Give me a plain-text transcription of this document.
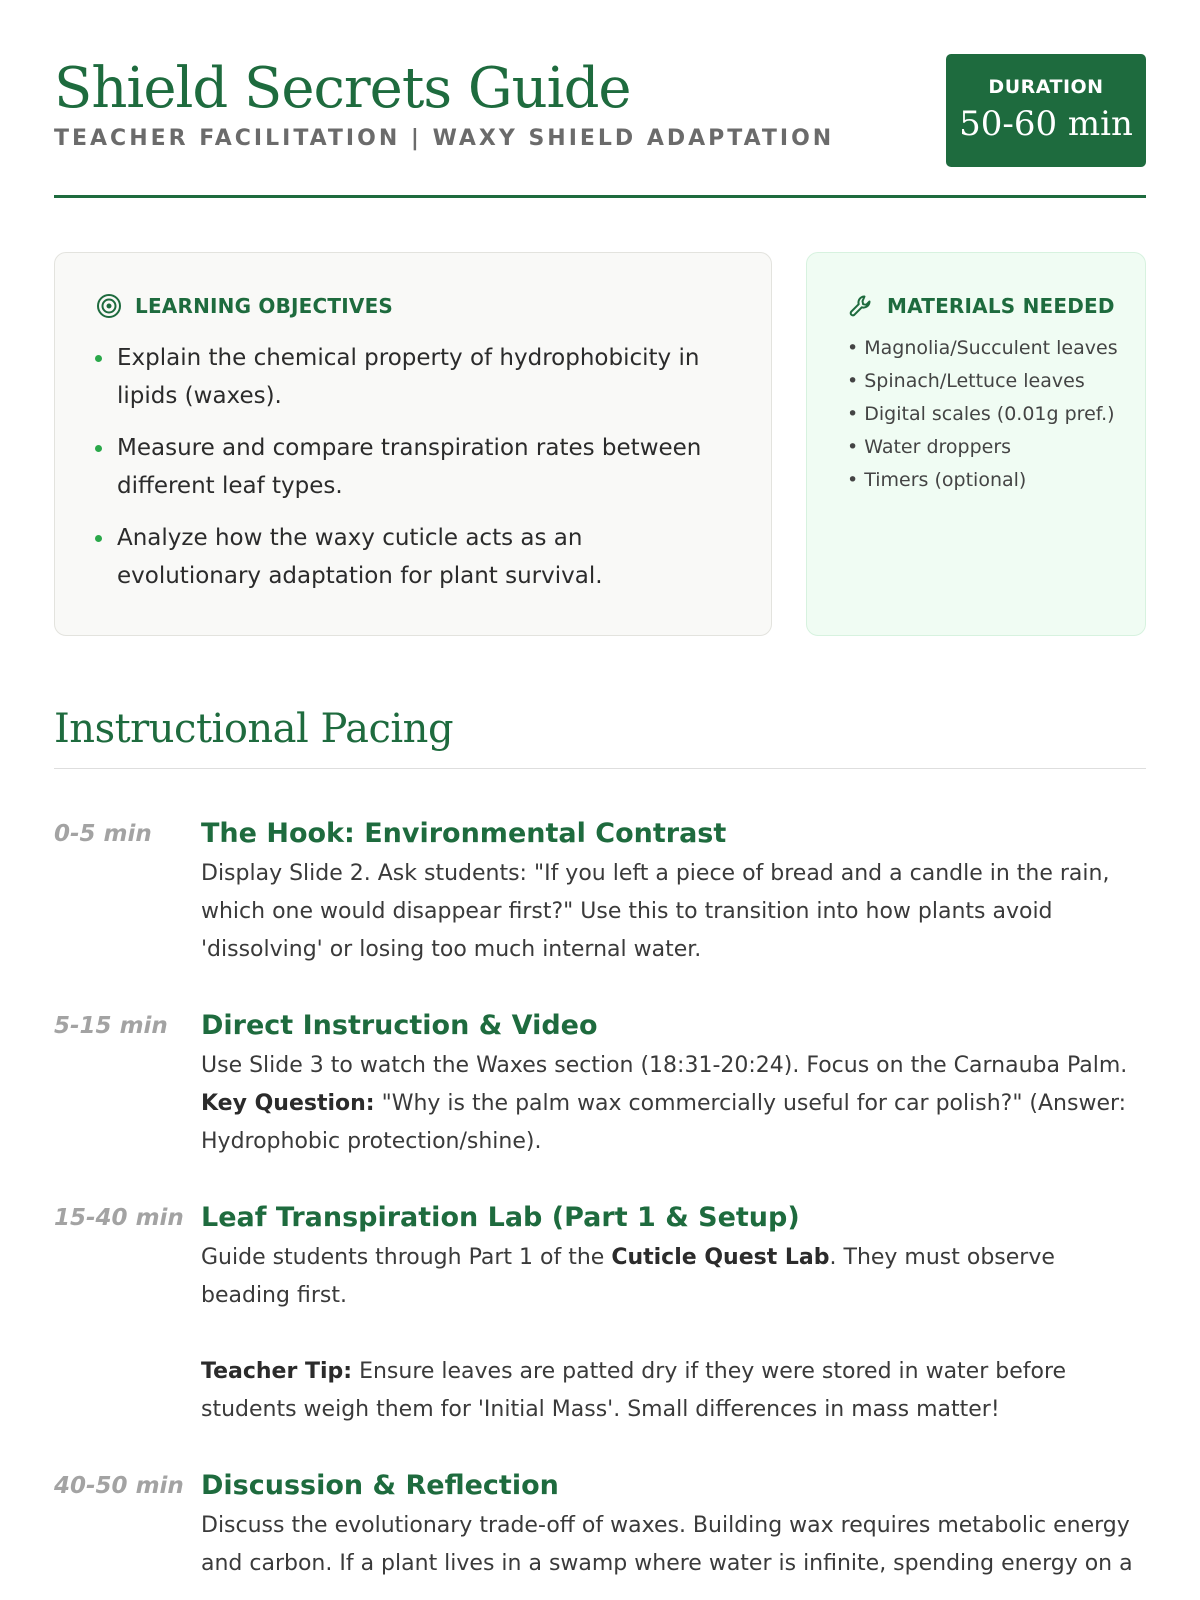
Shield Secrets Guide
TEACHER FACILITATION | WAXY SHIELD ADAPTATION
DURATION
50-60 min
LEARNING OBJECTIVES
Explain the chemical property of hydrophobicity in lipids (waxes).
Measure and compare transpiration rates between different leaf types.
Analyze how the waxy cuticle acts as an evolutionary adaptation for plant survival.
MATERIALS NEEDED
• Magnolia/Succulent leaves
• Spinach/Lettuce leaves
• Digital scales (0.01g pref.)
• Water droppers
• Timers (optional)
Instructional Pacing
0-5 min	The Hook: Environmental Contrast
Display Slide 2. Ask students: "If you left a piece of bread and a candle in the rain, which one would disappear first?" Use this to transition into how plants avoid 'dissolving' or losing too much internal water.
5-15 min	Direct Instruction & Video
Use Slide 3 to watch the Waxes section (18:31-20:24). Focus on the Carnauba Palm.
Key Question: "Why is the palm wax commercially useful for car polish?" (Answer: Hydrophobic protection/shine).
15-40 min Leaf Transpiration Lab (Part 1 & Setup)
Guide students through Part 1 of the Cuticle Quest Lab. They must observe beading first.
Teacher Tip: Ensure leaves are patted dry if they were stored in water before students weigh them for 'Initial Mass'. Small differences in mass matter!
40-50 min Discussion & Reflection
Discuss the evolutionary trade-off of waxes. Building wax requires metabolic energy and carbon. If a plant lives in a swamp where water is infinite, spending energy on a
